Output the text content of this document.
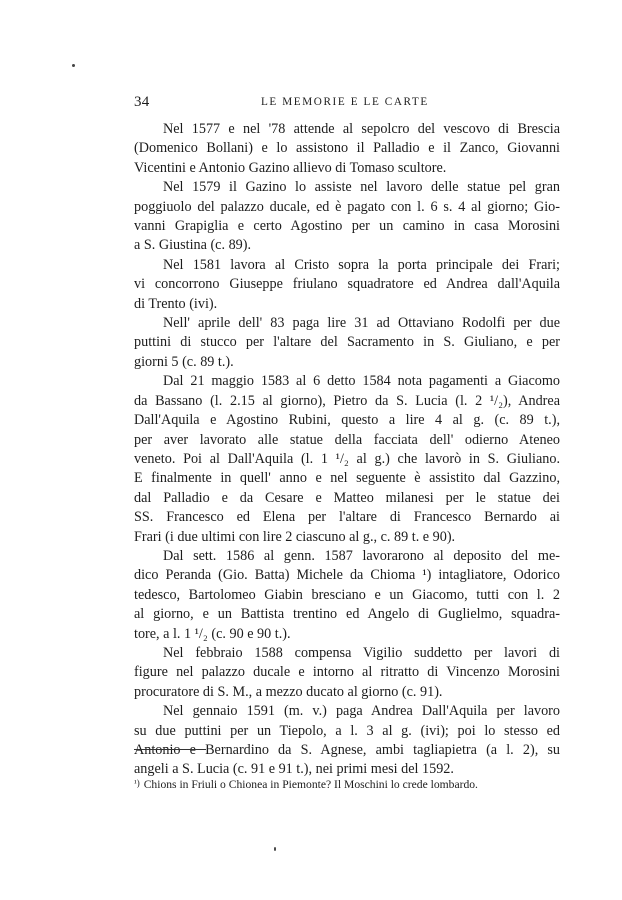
34	LE MEMORIE E LE CARTE
Nel 1577 e nel '78 attende al sepolcro del vescovo di Brescia
(Domenico Bollani) e lo assistono il Palladio e il Zanco, Giovanni
Vicentini e Antonio Gazino allievo di Tomaso scultore.
Nel 1579 il Gazino lo assiste nel lavoro delle statue pel gran
poggiuolo del palazzo ducale, ed è pagato con l. 6 s. 4 al giorno; Gio-
vanni Grapiglia e certo Agostino per un camino in casa Morosini
a S. Giustina (c. 89).
Nel 1581 lavora al Cristo sopra la porta principale dei Frari;
vi concorrono Giuseppe friulano squadratore ed Andrea dall'Aquila
di Trento (ivi).
Nell' aprile dell' 83 paga lire 31 ad Ottaviano Rodolfi per due
puttini di stucco per l'altare del Sacramento in S. Giuliano, e per
giorni 5 (c. 89 t.).
Dal 21 maggio 1583 al 6 detto 1584 nota pagamenti a Giacomo
da Bassano (l. 2.15 al giorno), Pietro da S. Lucia (l. 2 ¹/₂), Andrea
Dall'Aquila e Agostino Rubini, questo a lire 4 al g. (c. 89 t.),
per aver lavorato alle statue della facciata dell' odierno Ateneo
veneto. Poi al Dall'Aquila (l. 1 ¹/₂ al g.) che lavorò in S. Giuliano.
E finalmente in quell' anno e nel seguente è assistito dal Gazzino,
dal Palladio e da Cesare e Matteo milanesi per le statue dei
SS. Francesco ed Elena per l'altare di Francesco Bernardo ai
Frari (i due ultimi con lire 2 ciascuno al g., c. 89 t. e 90).
Dal sett. 1586 al genn. 1587 lavorarono al deposito del me-
dico Peranda (Gio. Batta) Michele da Chioma ¹) intagliatore, Odorico
tedesco, Bartolomeo Giabin bresciano e un Giacomo, tutti con l. 2
al giorno, e un Battista trentino ed Angelo di Guglielmo, squadra-
tore, a l. 1 ¹/₂ (c. 90 e 90 t.).
Nel febbraio 1588 compensa Vigilio suddetto per lavori di
figure nel palazzo ducale e intorno al ritratto di Vincenzo Morosini
procuratore di S. M., a mezzo ducato al giorno (c. 91).
Nel gennaio 1591 (m. v.) paga Andrea Dall'Aquila per lavoro
su due puttini per un Tiepolo, a l. 3 al g. (ivi); poi lo stesso ed
Antonio e Bernardino da S. Agnese, ambi tagliapietra (a l. 2), su
angeli a S. Lucia (c. 91 e 91 t.), nei primi mesi del 1592.
¹) Chions in Friuli o Chionea in Piemonte? Il Moschini lo crede lombardo.
